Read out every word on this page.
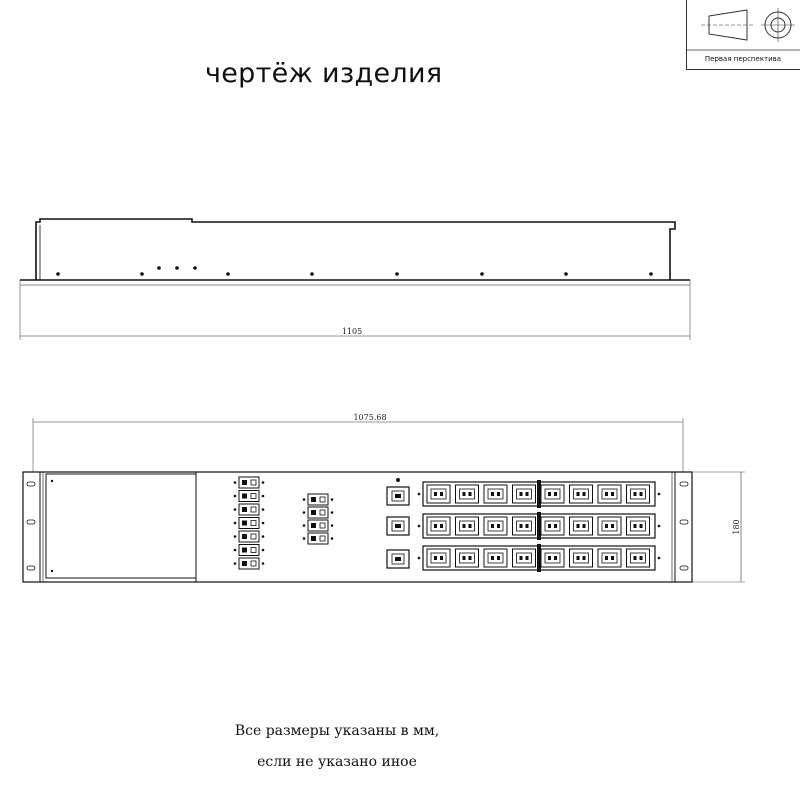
чертёж изделия	Первая перспектива
1105
1075.68
180
Все размеры указаны в мм,
если не указано иное
